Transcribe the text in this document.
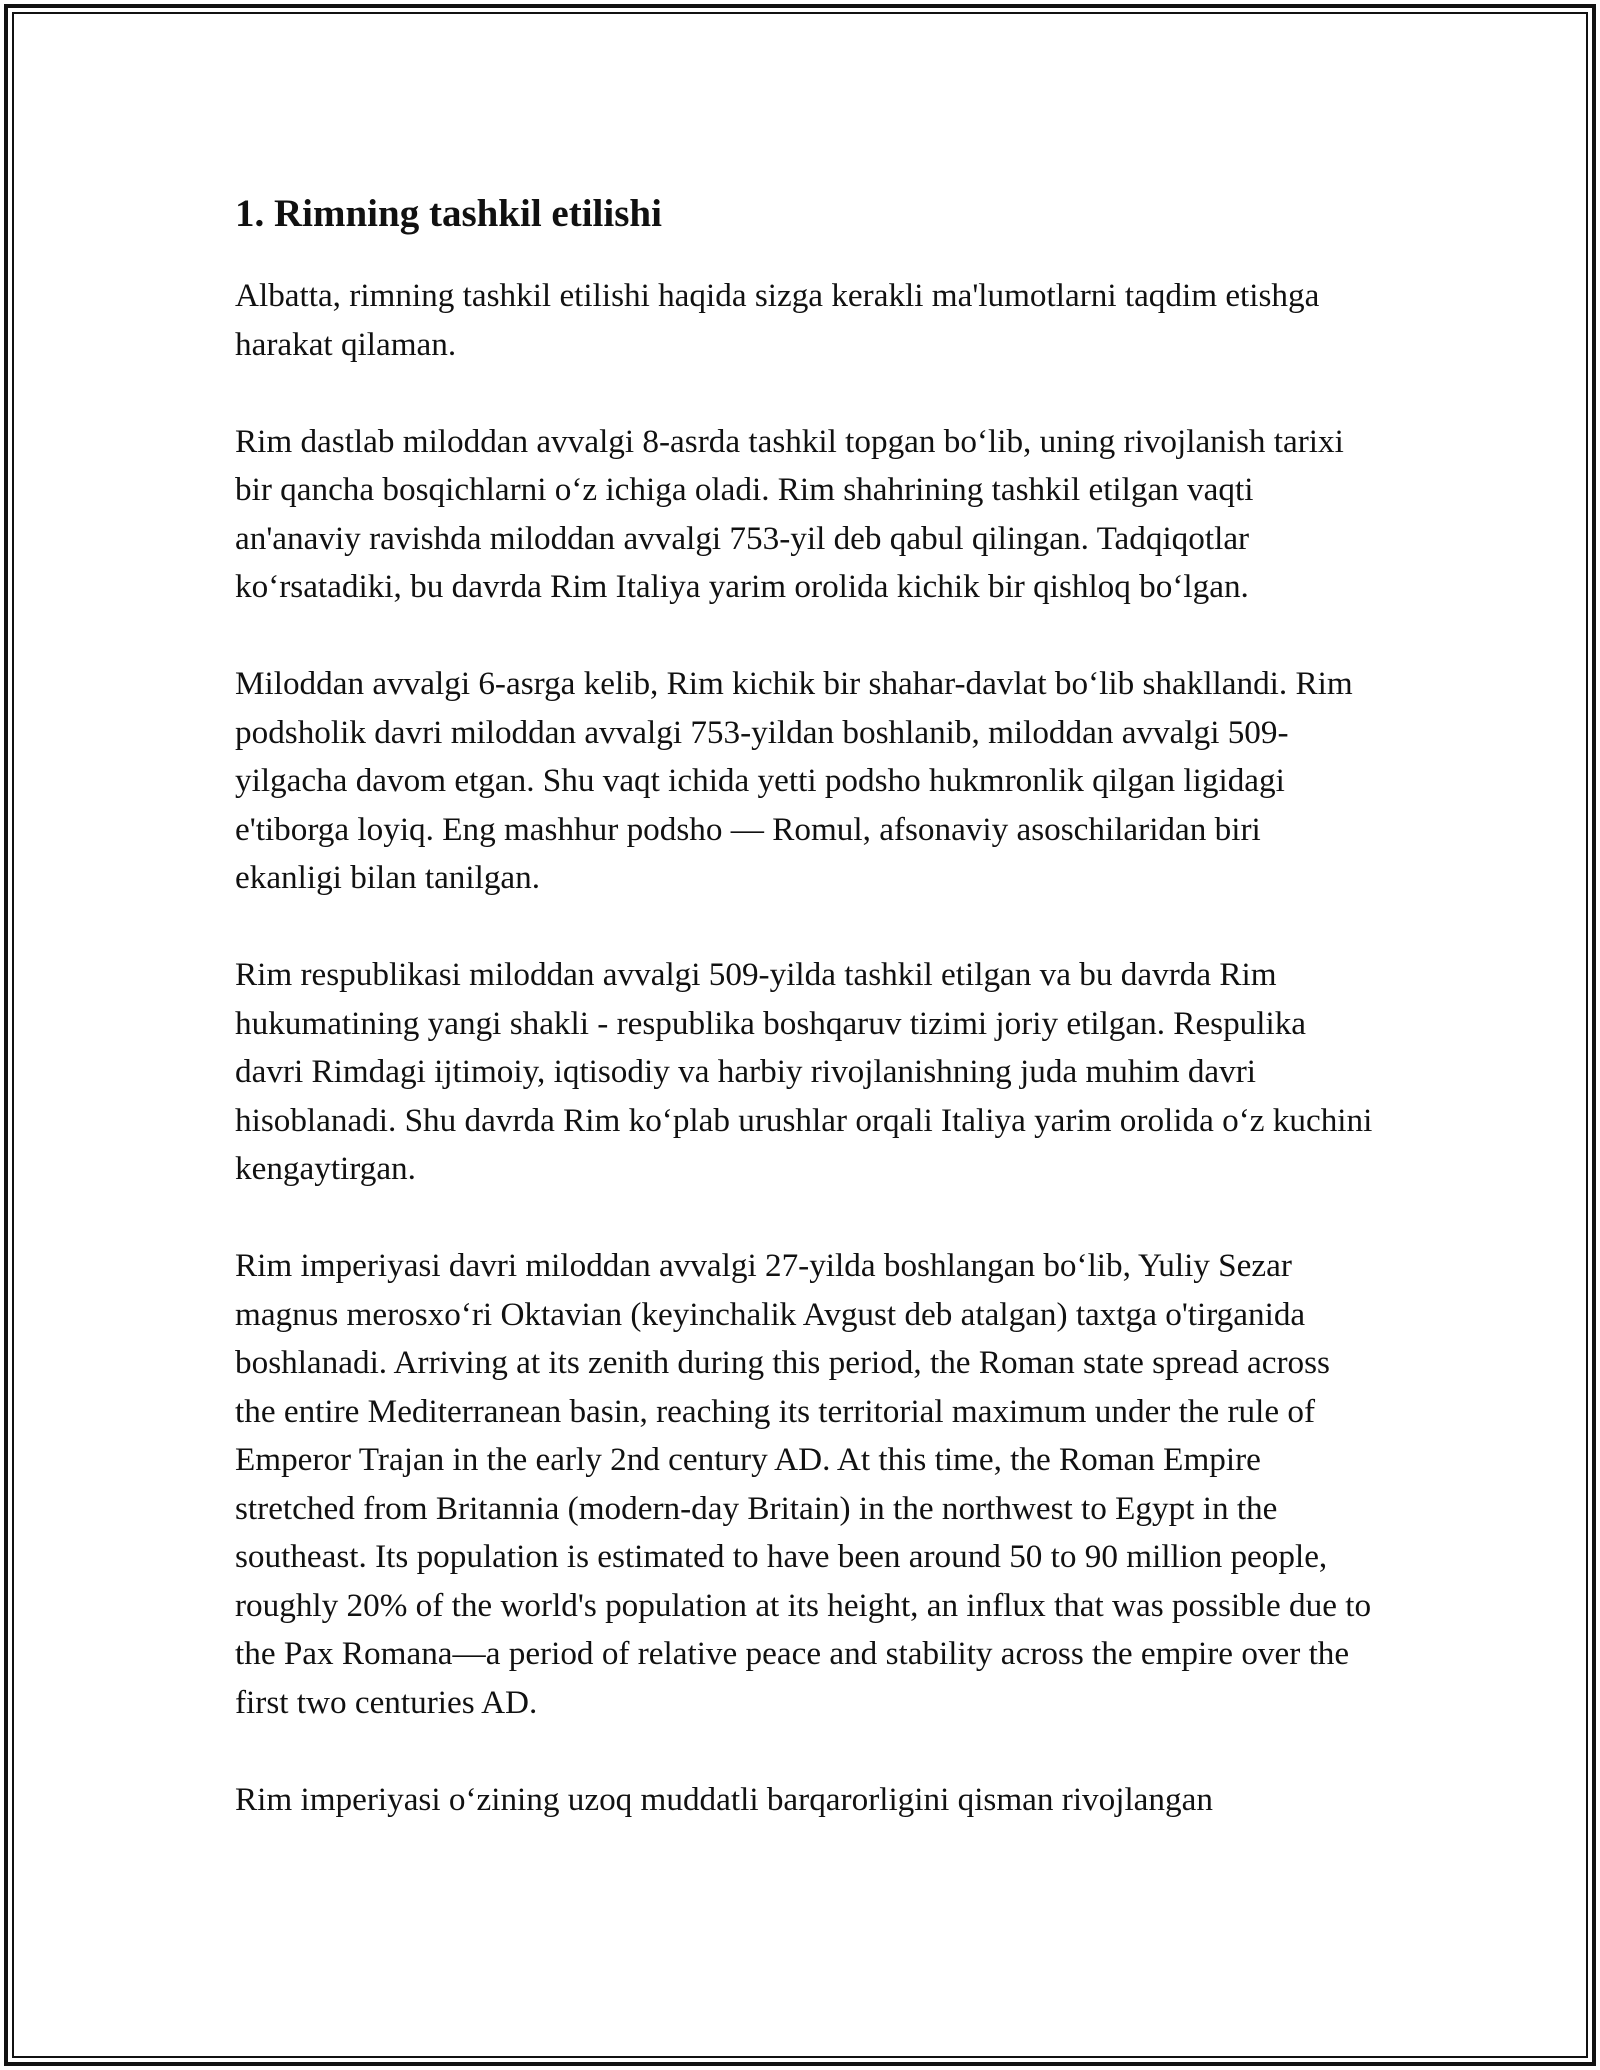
1. Rimning tashkil etilishi

Albatta, rimning tashkil etilishi haqida sizga kerakli ma'lumotlarni taqdim etishga harakat qilaman.

Rim dastlab miloddan avvalgi 8-asrda tashkil topgan bo‘lib, uning rivojlanish tarixi bir qancha bosqichlarni o‘z ichiga oladi. Rim shahrining tashkil etilgan vaqti an'anaviy ravishda miloddan avvalgi 753-yil deb qabul qilingan. Tadqiqotlar ko‘rsatadiki, bu davrda Rim Italiya yarim orolida kichik bir qishloq bo‘lgan.

Miloddan avvalgi 6-asrga kelib, Rim kichik bir shahar-davlat bo‘lib shakllandi. Rim podsholik davri miloddan avvalgi 753-yildan boshlanib, miloddan avvalgi 509-yilgacha davom etgan. Shu vaqt ichida yetti podsho hukmronlik qilgan ligidagi e'tiborga loyiq. Eng mashhur podsho — Romul, afsonaviy asoschilaridan biri ekanligi bilan tanilgan.

Rim respublikasi miloddan avvalgi 509-yilda tashkil etilgan va bu davrda Rim hukumatining yangi shakli - respublika boshqaruv tizimi joriy etilgan. Respulika davri Rimdagi ijtimoiy, iqtisodiy va harbiy rivojlanishning juda muhim davri hisoblanadi. Shu davrda Rim ko‘plab urushlar orqali Italiya yarim orolida o‘z kuchini kengaytirgan.

Rim imperiyasi davri miloddan avvalgi 27-yilda boshlangan bo‘lib, Yuliy Sezar magnus merosxo‘ri Oktavian (keyinchalik Avgust deb atalgan) taxtga o'tirganida boshlanadi. Arriving at its zenith during this period, the Roman state spread across the entire Mediterranean basin, reaching its territorial maximum under the rule of Emperor Trajan in the early 2nd century AD. At this time, the Roman Empire stretched from Britannia (modern-day Britain) in the northwest to Egypt in the southeast. Its population is estimated to have been around 50 to 90 million people, roughly 20% of the world's population at its height, an influx that was possible due to the Pax Romana—a period of relative peace and stability across the empire over the first two centuries AD.

Rim imperiyasi o‘zining uzoq muddatli barqarorligini qisman rivojlangan
